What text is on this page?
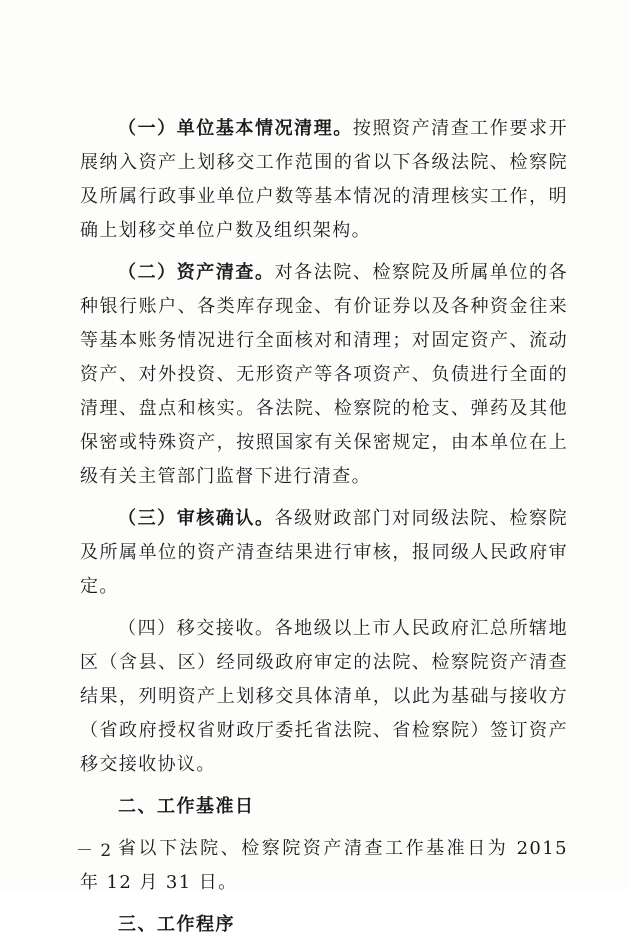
（一）单位基本情况清理。按照资产清查工作要求开展纳入资产上划移交工作范围的省以下各级法院、检察院及所属行政事业单位户数等基本情况的清理核实工作，明确上划移交单位户数及组织架构。

（二）资产清查。对各法院、检察院及所属单位的各种银行账户、各类库存现金、有价证券以及各种资金往来等基本账务情况进行全面核对和清理；对固定资产、流动资产、对外投资、无形资产等各项资产、负债进行全面的清理、盘点和核实。各法院、检察院的枪支、弹药及其他保密或特殊资产，按照国家有关保密规定，由本单位在上级有关主管部门监督下进行清查。

（三）审核确认。各级财政部门对同级法院、检察院及所属单位的资产清查结果进行审核，报同级人民政府审定。

（四）移交接收。各地级以上市人民政府汇总所辖地区（含县、区）经同级政府审定的法院、检察院资产清查结果，列明资产上划移交具体清单，以此为基础与接收方（省政府授权省财政厅委托省法院、省检察院）签订资产移交接收协议。

二、工作基准日

省以下法院、检察院资产清查工作基准日为 2015 年 12 月 31 日。

三、工作程序

－ 2 －
